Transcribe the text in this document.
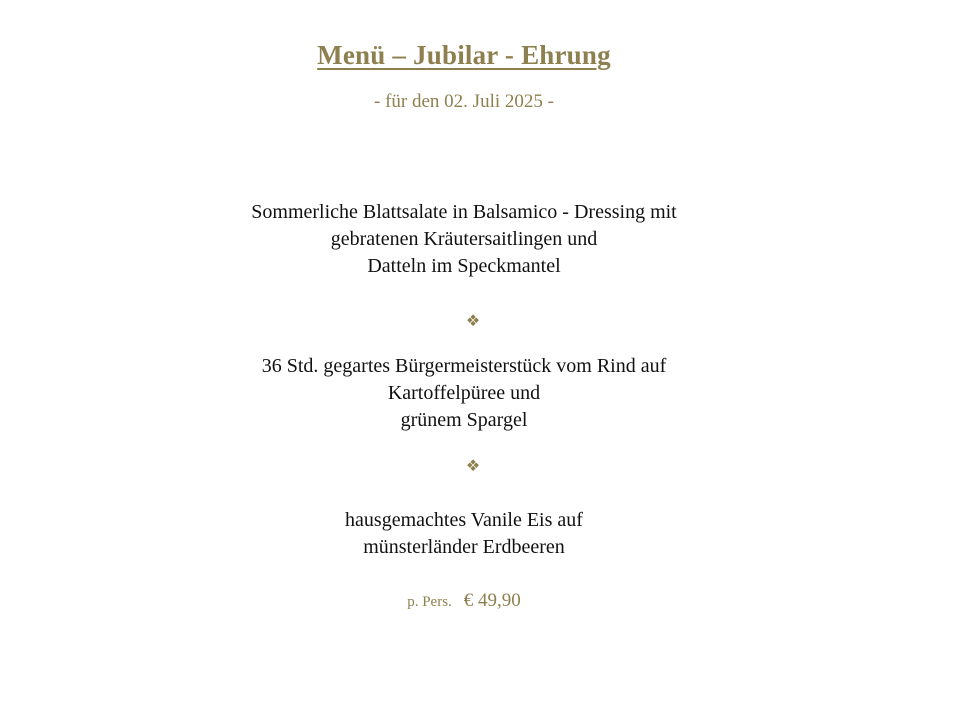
Menü – Jubilar - Ehrung
- für den 02. Juli 2025 -
Sommerliche Blattsalate in Balsamico - Dressing mit
gebratenen Kräutersaitlingen und
Datteln im Speckmantel
❖
36 Std. gegartes Bürgermeisterstück vom Rind auf
Kartoffelpüree und
grünem Spargel
❖
hausgemachtes Vanile Eis auf
münsterländer Erdbeeren
p. Pers. € 49,90
